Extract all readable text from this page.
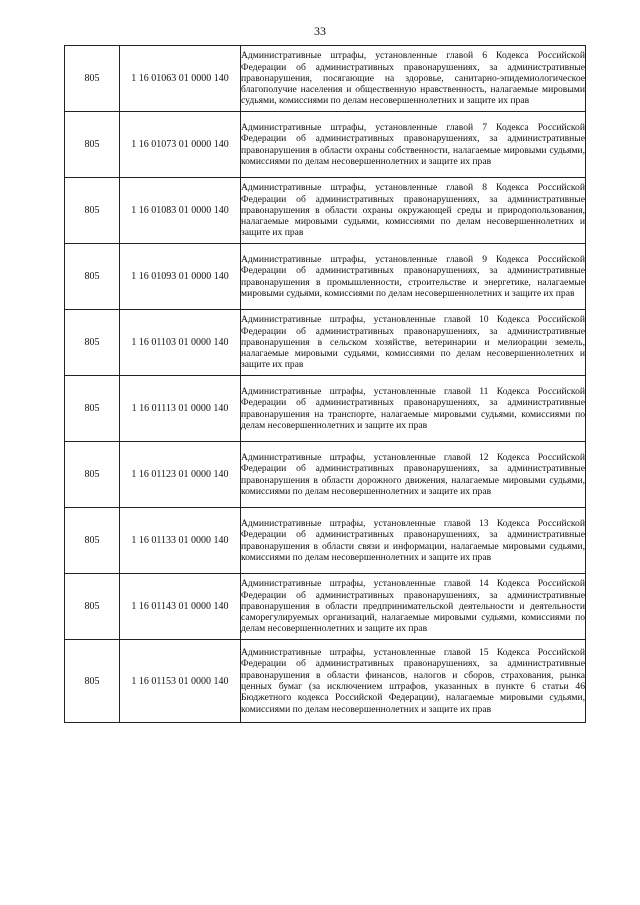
33
805	1 16 01063 01 0000 140	Административные штрафы, установленные главой 6 Кодекса Российской Федерации об административных правонарушениях, за административные правонарушения, посягающие на здоровье, санитарно-эпидемиологическое благополучие населения и общественную нравственность, налагаемые мировыми судьями, комиссиями по делам несовершеннолетних и защите их прав
805	1 16 01073 01 0000 140	Административные штрафы, установленные главой 7 Кодекса Российской Федерации об административных правонарушениях, за административные правонарушения в области охраны собственности, налагаемые мировыми судьями, комиссиями по делам несовершеннолетних и защите их прав
805	1 16 01083 01 0000 140	Административные штрафы, установленные главой 8 Кодекса Российской Федерации об административных правонарушениях, за административные правонарушения в области охраны окружающей среды и природопользования, налагаемые мировыми судьями, комиссиями по делам несовершеннолетних и защите их прав
805	1 16 01093 01 0000 140	Административные штрафы, установленные главой 9 Кодекса Российской Федерации об административных правонарушениях, за административные правонарушения в промышленности, строительстве и энергетике, налагаемые мировыми судьями, комиссиями по делам несовершеннолетних и защите их прав
805	1 16 01103 01 0000 140	Административные штрафы, установленные главой 10 Кодекса Российской Федерации об административных правонарушениях, за административные правонарушения в сельском хозяйстве, ветеринарии и мелиорации земель, налагаемые мировыми судьями, комиссиями по делам несовершеннолетних и защите их прав
805	1 16 01113 01 0000 140	Административные штрафы, установленные главой 11 Кодекса Российской Федерации об административных правонарушениях, за административные правонарушения на транспорте, налагаемые мировыми судьями, комиссиями по делам несовершеннолетних и защите их прав
805	1 16 01123 01 0000 140	Административные штрафы, установленные главой 12 Кодекса Российской Федерации об административных правонарушениях, за административные правонарушения в области дорожного движения, налагаемые мировыми судьями, комиссиями по делам несовершеннолетних и защите их прав
805	1 16 01133 01 0000 140	Административные штрафы, установленные главой 13 Кодекса Российской Федерации об административных правонарушениях, за административные правонарушения в области связи и информации, налагаемые мировыми судьями, комиссиями по делам несовершеннолетних и защите их прав
805	1 16 01143 01 0000 140	Административные штрафы, установленные главой 14 Кодекса Российской Федерации об административных правонарушениях, за административные правонарушения в области предпринимательской деятельности и деятельности саморегулируемых организаций, налагаемые мировыми судьями, комиссиями по делам несовершеннолетних и защите их прав
805	1 16 01153 01 0000 140	Административные штрафы, установленные главой 15 Кодекса Российской Федерации об административных правонарушениях, за административные правонарушения в области финансов, налогов и сборов, страхования, рынка ценных бумаг (за исключением штрафов, указанных в пункте 6 статьи 46 Бюджетного кодекса Российской Федерации), налагаемые мировыми судьями, комиссиями по делам несовершеннолетних и защите их прав
